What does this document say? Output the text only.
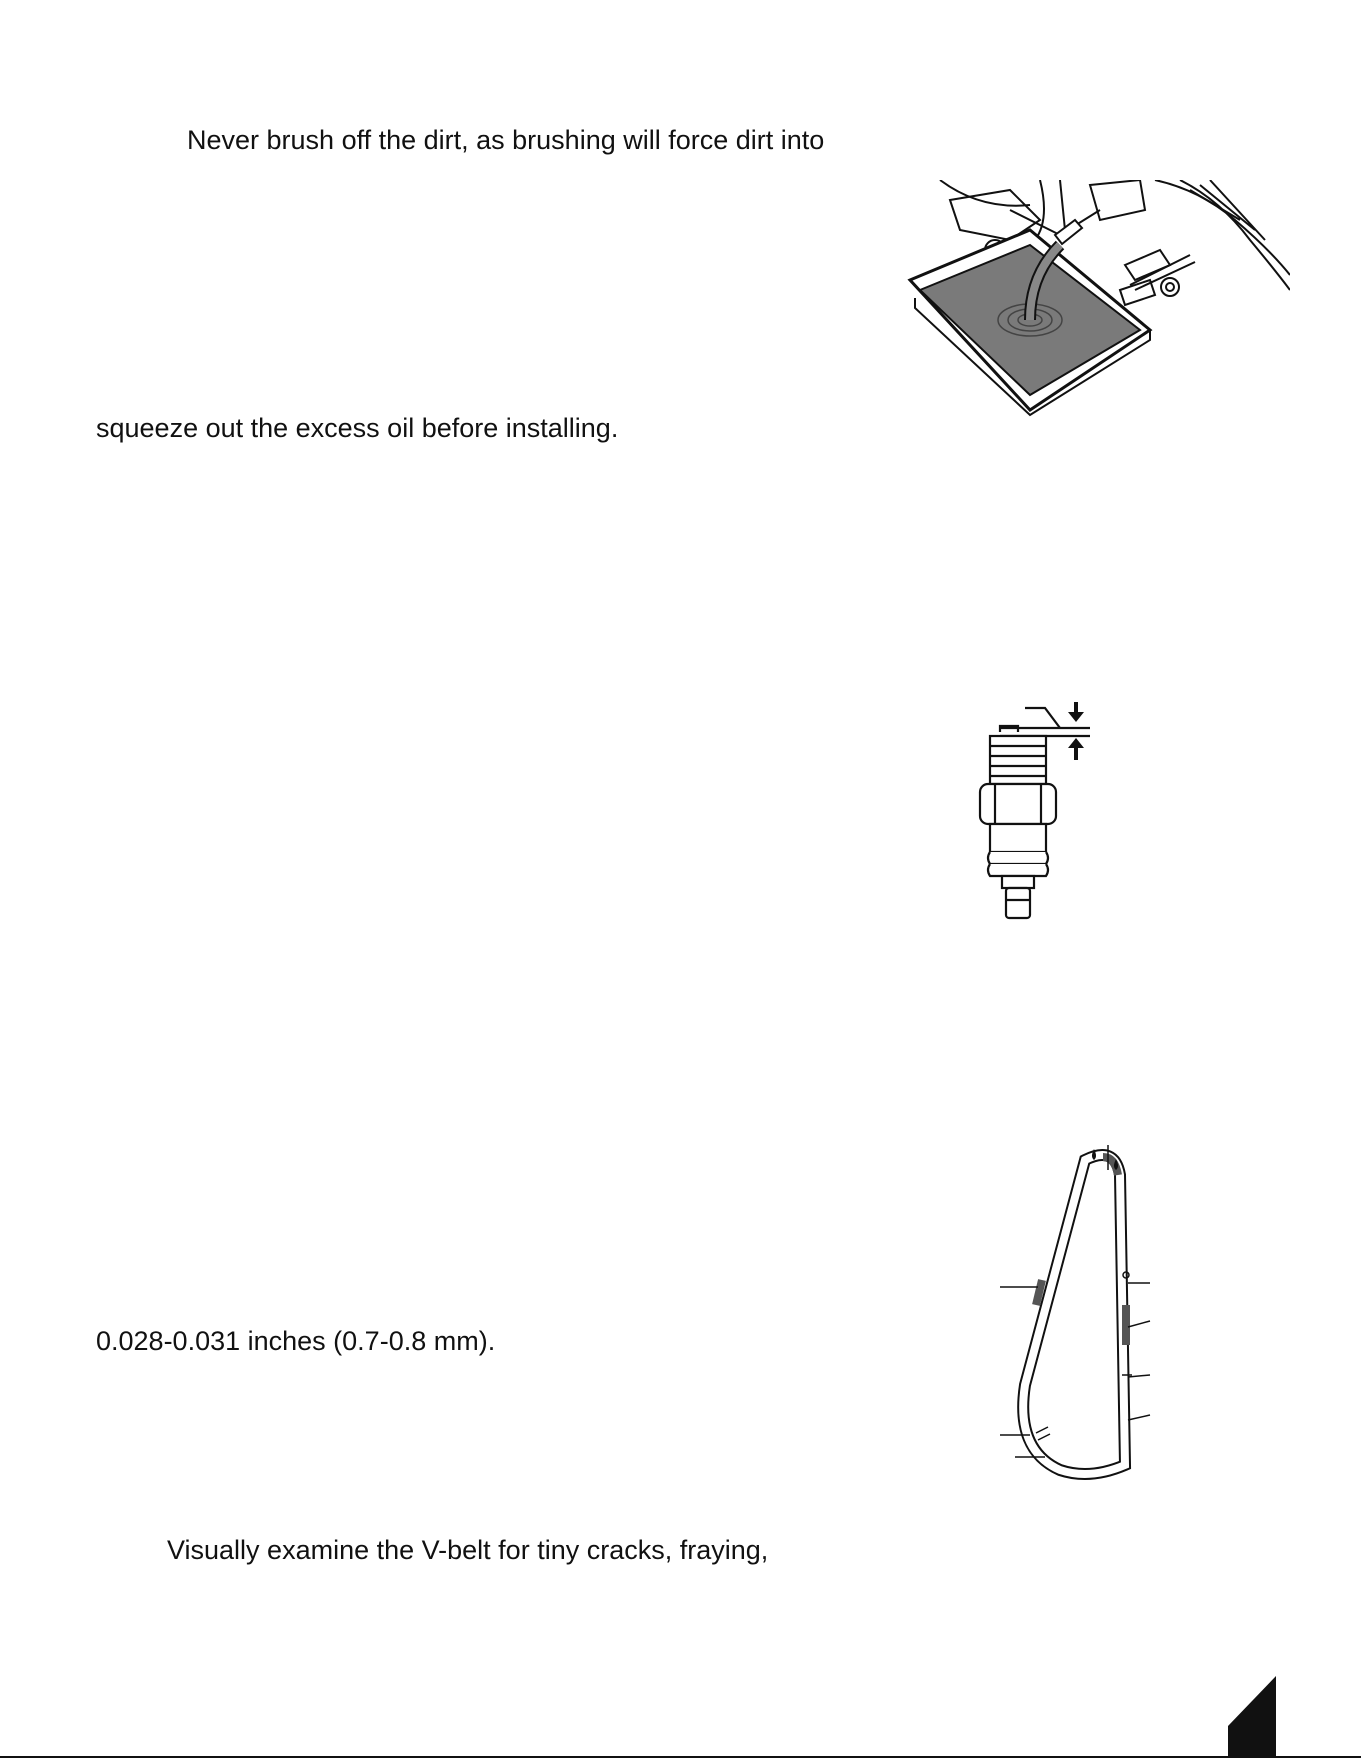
Never brush off the dirt, as brushing will force dirt into
squeeze out the excess oil before installing.
0.028-0.031 inches (0.7-0.8 mm).
Visually examine the V-belt for tiny cracks, fraying,
